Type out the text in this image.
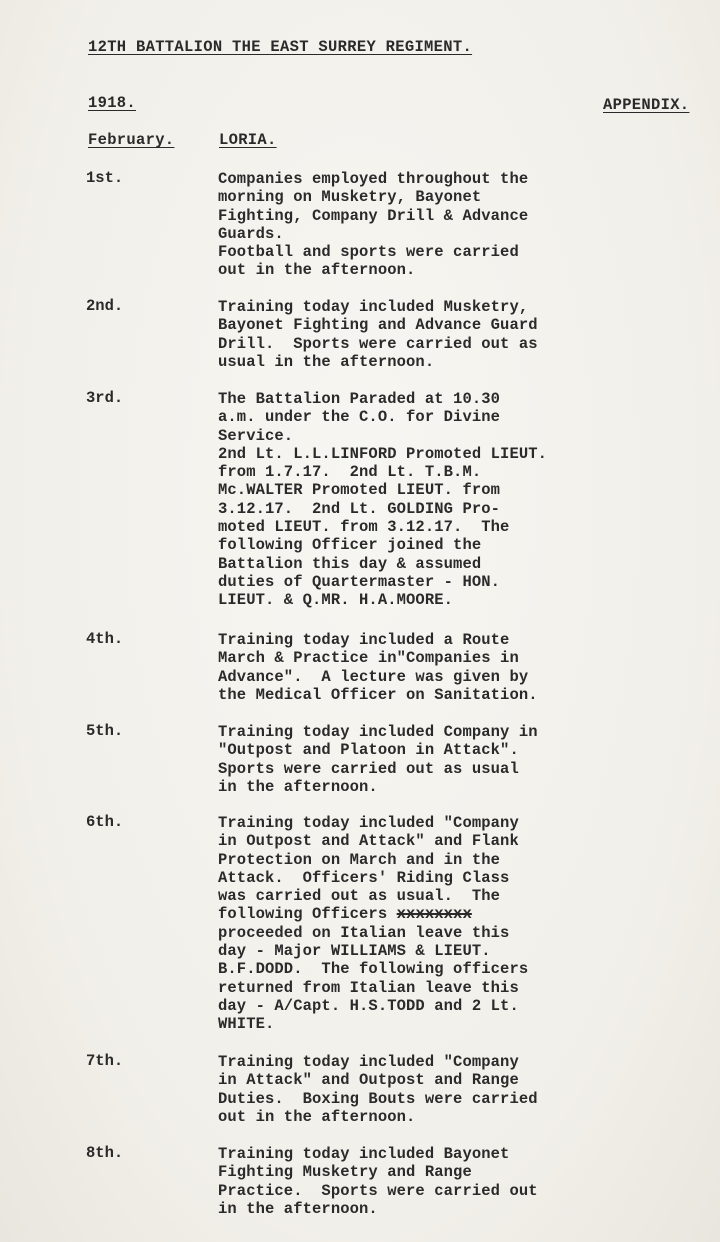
12TH BATTALION THE EAST SURREY REGIMENT.
1918.	APPENDIX.
February.	LORIA.
1st.	Companies employed throughout the
morning on Musketry, Bayonet
Fighting, Company Drill & Advance
Guards.
Football and sports were carried
out in the afternoon.
2nd.	Training today included Musketry,
Bayonet Fighting and Advance Guard
Drill.  Sports were carried out as
usual in the afternoon.
3rd.	The Battalion Paraded at 10.30
a.m. under the C.O. for Divine
Service.
2nd Lt. L.L.LINFORD Promoted LIEUT.
from 1.7.17.  2nd Lt. T.B.M.
Mc.WALTER Promoted LIEUT. from
3.12.17.  2nd Lt. GOLDING Pro-
moted LIEUT. from 3.12.17.  The
following Officer joined the
Battalion this day & assumed
duties of Quartermaster - HON.
LIEUT. & Q.MR. H.A.MOORE.
4th.	Training today included a Route
March & Practice in"Companies in
Advance".  A lecture was given by
the Medical Officer on Sanitation.
5th.	Training today included Company in
"Outpost and Platoon in Attack".
Sports were carried out as usual
in the afternoon.
6th.	Training today included "Company
in Outpost and Attack" and Flank
Protection on March and in the
Attack.  Officers' Riding Class
was carried out as usual.  The
following Officers xxxxxxxx
proceeded on Italian leave this
day - Major WILLIAMS & LIEUT.
B.F.DODD.  The following officers
returned from Italian leave this
day - A/Capt. H.S.TODD and 2 Lt.
WHITE.
7th.	Training today included "Company
in Attack" and Outpost and Range
Duties.  Boxing Bouts were carried
out in the afternoon.
8th.	Training today included Bayonet
Fighting Musketry and Range
Practice.  Sports were carried out
in the afternoon.
